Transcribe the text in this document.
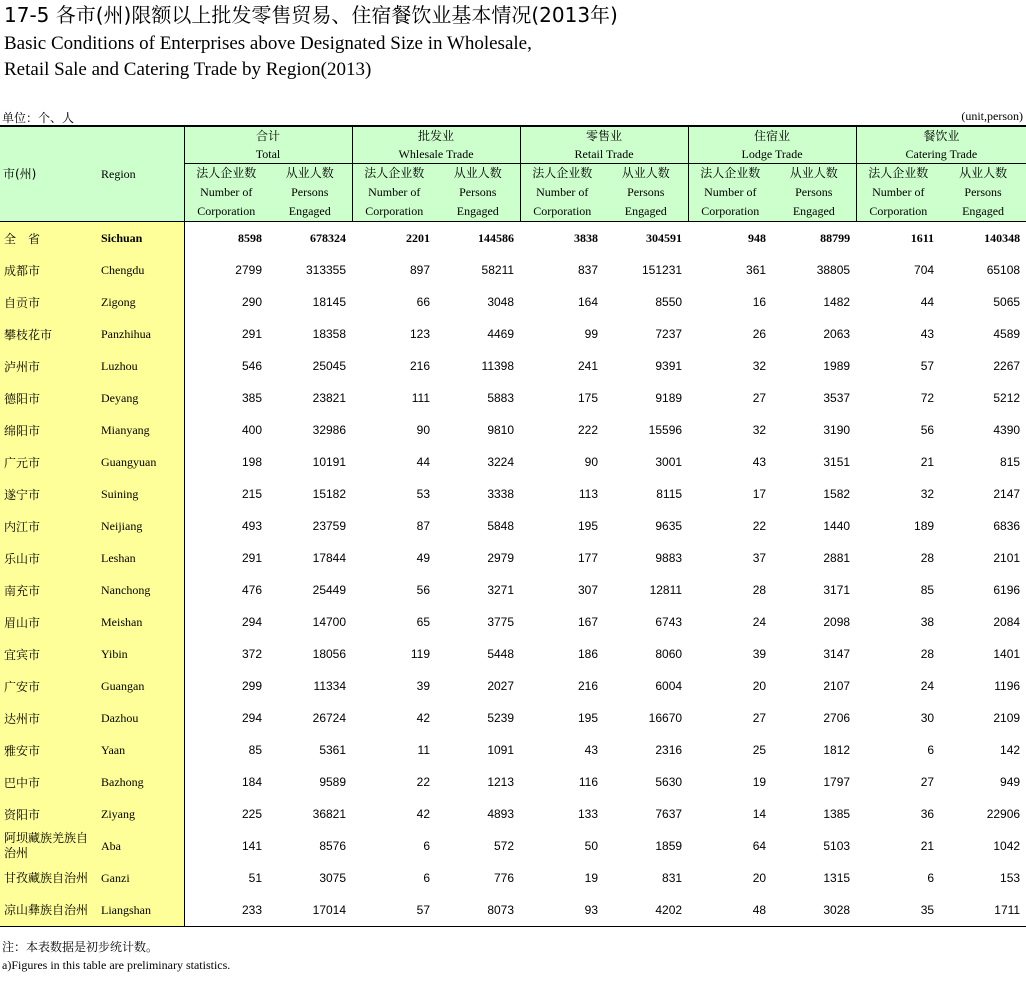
17-5 各市(州)限额以上批发零售贸易、住宿餐饮业基本情况(2013年)
Basic Conditions of Enterprises above Designated Size in Wholesale,
Retail Sale and Catering Trade by Region(2013)
单位：个、人	(unit,person)
市(州)	Region	合计		批发业		零售业		住宿业		餐饮业	
		Total		Whlesale Trade		Retail Trade		Lodge Trade		Catering Trade	
		法人企业数	从业人数	法人企业数	从业人数	法人企业数	从业人数	法人企业数	从业人数	法人企业数	从业人数
		Number of	Persons	Number of	Persons	Number of	Persons	Number of	Persons	Number of	Persons
		Corporation	Engaged	Corporation	Engaged	Corporation	Engaged	Corporation	Engaged	Corporation	Engaged
全　省	Sichuan	8598	678324	2201	144586	3838	304591	948	88799	1611	140348
成都市	Chengdu	2799	313355	897	58211	837	151231	361	38805	704	65108
自贡市	Zigong	290	18145	66	3048	164	8550	16	1482	44	5065
攀枝花市	Panzhihua	291	18358	123	4469	99	7237	26	2063	43	4589
泸州市	Luzhou	546	25045	216	11398	241	9391	32	1989	57	2267
德阳市	Deyang	385	23821	111	5883	175	9189	27	3537	72	5212
绵阳市	Mianyang	400	32986	90	9810	222	15596	32	3190	56	4390
广元市	Guangyuan	198	10191	44	3224	90	3001	43	3151	21	815
遂宁市	Suining	215	15182	53	3338	113	8115	17	1582	32	2147
内江市	Neijiang	493	23759	87	5848	195	9635	22	1440	189	6836
乐山市	Leshan	291	17844	49	2979	177	9883	37	2881	28	2101
南充市	Nanchong	476	25449	56	3271	307	12811	28	3171	85	6196
眉山市	Meishan	294	14700	65	3775	167	6743	24	2098	38	2084
宜宾市	Yibin	372	18056	119	5448	186	8060	39	3147	28	1401
广安市	Guangan	299	11334	39	2027	216	6004	20	2107	24	1196
达州市	Dazhou	294	26724	42	5239	195	16670	27	2706	30	2109
雅安市	Yaan	85	5361	11	1091	43	2316	25	1812	6	142
巴中市	Bazhong	184	9589	22	1213	116	5630	19	1797	27	949
资阳市	Ziyang	225	36821	42	4893	133	7637	14	1385	36	22906
阿坝藏族羌族自治州	Aba	141	8576	6	572	50	1859	64	5103	21	1042
甘孜藏族自治州	Ganzi	51	3075	6	776	19	831	20	1315	6	153
凉山彝族自治州	Liangshan	233	17014	57	8073	93	4202	48	3028	35	1711
注：本表数据是初步统计数。
a)Figures in this table are preliminary statistics.
